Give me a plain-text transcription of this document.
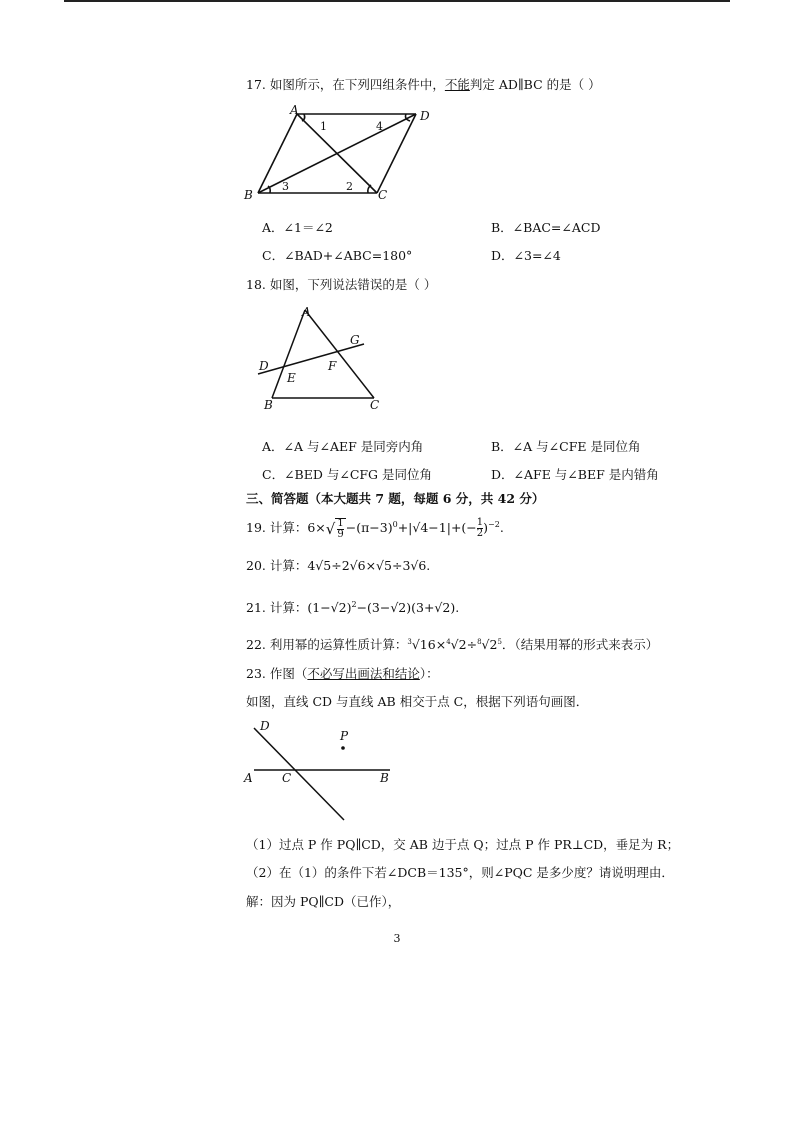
17. 如图所示，在下列四组条件中，不能判定 AD∥BC 的是（ ）
A	D
B	C
1	4
3	2
A．∠1＝∠2	B．∠BAC=∠ACD
C．∠BAD+∠ABC=180°	D．∠3=∠4
18. 如图，下列说法错误的是（ ）
A
D
E
F
G
B	C
A．∠A 与∠AEF 是同旁内角	B．∠A 与∠CFE 是同位角
C．∠BED 与∠CFG 是同位角	D．∠AFE 与∠BEF 是内错角
三、简答题（本大题共 7 题，每题 6 分，共 42 分）
19. 计算：$6\times√ \frac{1}{9} -(\pi-3)^0+|√4-1|+(- \frac{1}{2} )^{-2}$.
20. 计算：4√5÷2√6×√5÷3√6.
21. 计算：$(1-√2)^2-(3-√2)(3+√2)$.
22. 利用幂的运算性质计算：$^3√16\times^4√2\div^8√2^5$．（结果用幂的形式来表示）
23. 作图（不必写出画法和结论）：
如图，直线 CD 与直线 AB 相交于点 C，根据下列语句画图．
D
P
A C	B
（1）过点 P 作 PQ∥CD，交 AB 边于点 Q；过点 P 作 PR⊥CD，垂足为 R；
（2）在（1）的条件下若∠DCB＝135°，则∠PQC 是多少度？请说明理由．
解：因为 PQ∥CD（已作），
3
